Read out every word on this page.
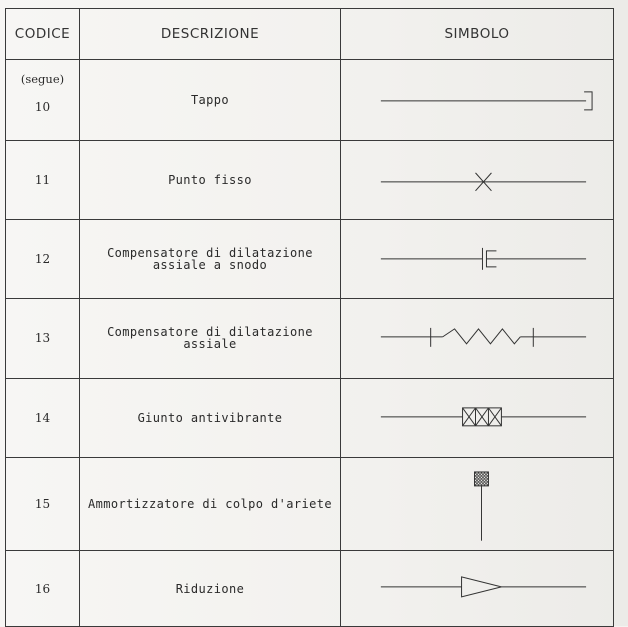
CODICE	DESCRIZIONE	SIMBOLO

(segue)
10	Tappo

11	Punto fisso

12	Compensatore di dilatazione
assiale a snodo

13	Compensatore di dilatazione
assiale

14	Giunto antivibrante

15	Ammortizzatore di colpo d'ariete

16	Riduzione
